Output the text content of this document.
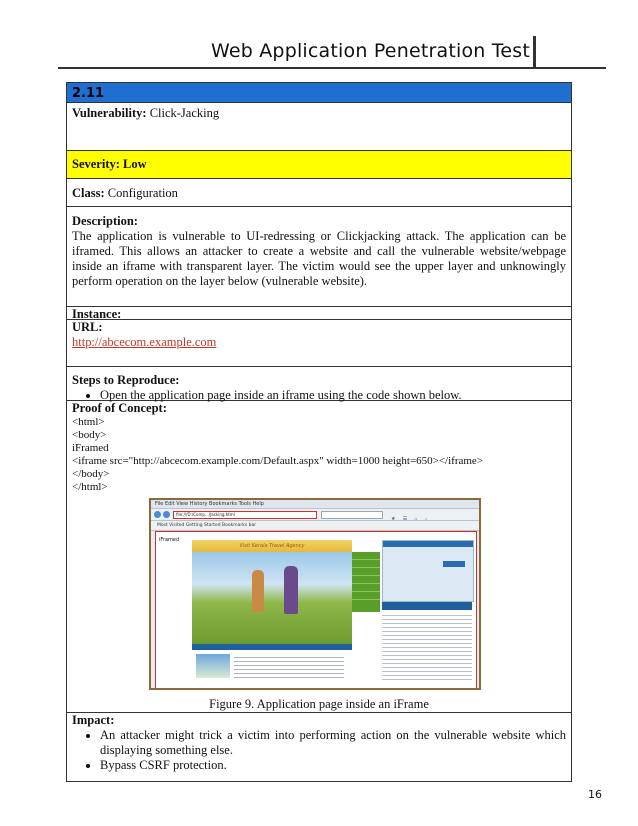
Web Application Penetration Test
2.11
Vulnerability: Click-Jacking
Severity: Low
Class: Configuration
Description:
The application is vulnerable to UI-redressing or Clickjacking attack. The application can be iframed. This allows an attacker to create a website and call the vulnerable website/webpage inside an iframe with transparent layer. The victim would see the upper layer and unknowingly perform operation on the layer below (vulnerable website).
Instance:
URL:
http://abcecom.example.com
Steps to Reproduce:
• Open the application page inside an iframe using the code shown below.
Proof of Concept:
<html>
<body>
iFramed
<iframe src="http://abcecom.example.com/Default.aspx" width=1000 height=650></iframe>
</body>
</html>
File Edit View History Bookmarks Tools Help
file:///D:/Comp.../Jacking.html
★ ☰ ⌂ ↓
Most Visited Getting Started Bookmarks bar
iFramed
Visit Kerala Travel Agency
Figure 9. Application page inside an iFrame
Impact:
• An attacker might trick a victim into performing action on the vulnerable website which displaying something else.
• Bypass CSRF protection.
16
